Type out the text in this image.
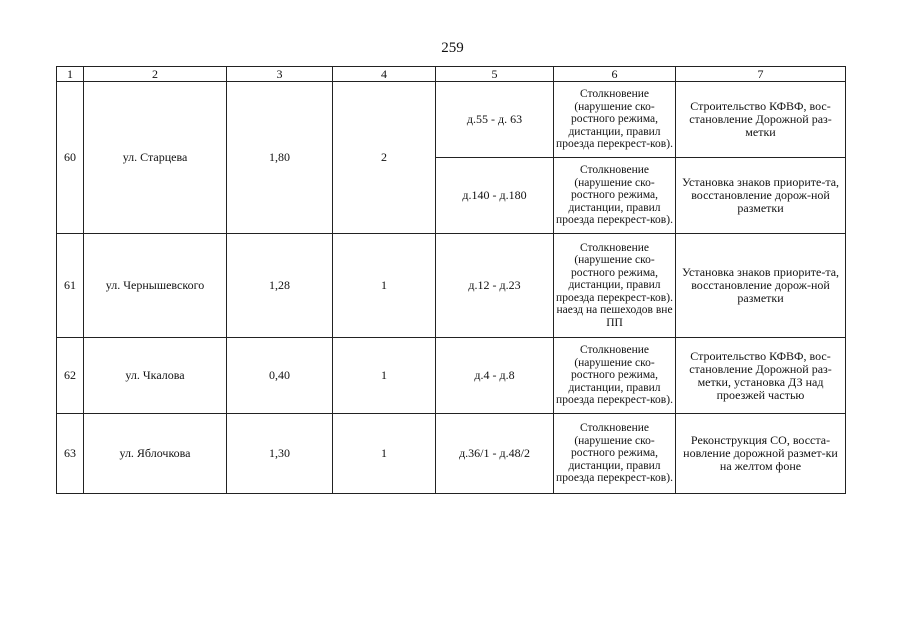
259
1	2	3	4	5	6	7
60	ул. Старцева	1,80	2	д.55 - д. 63	Столкновение (нарушение ско-ростного режима, дистанции, правил проезда перекрест-ков).	Строительство КФВФ, вос-становление Дорожной раз-метки
				д.140 - д.180	Столкновение (нарушение ско-ростного режима, дистанции, правил проезда перекрест-ков).	Установка знаков приорите-та, восстановление дорож-ной разметки
61	ул. Чернышевского	1,28	1	д.12 - д.23	Столкновение (нарушение ско-ростного режима, дистанции, правил проезда перекрест-ков). наезд на пешеходов вне ПП	Установка знаков приорите-та, восстановление дорож-ной разметки
62	ул. Чкалова	0,40	1	д.4 - д.8	Столкновение (нарушение ско-ростного режима, дистанции, правил проезда перекрест-ков).	Строительство КФВФ, вос-становление Дорожной раз-метки, установка ДЗ над проезжей частью
63	ул. Яблочкова	1,30	1	д.36/1 - д.48/2	Столкновение (нарушение ско-ростного режима, дистанции, правил проезда перекрест-ков).	Реконструкция СО, восста-новление дорожной размет-ки на желтом фоне
